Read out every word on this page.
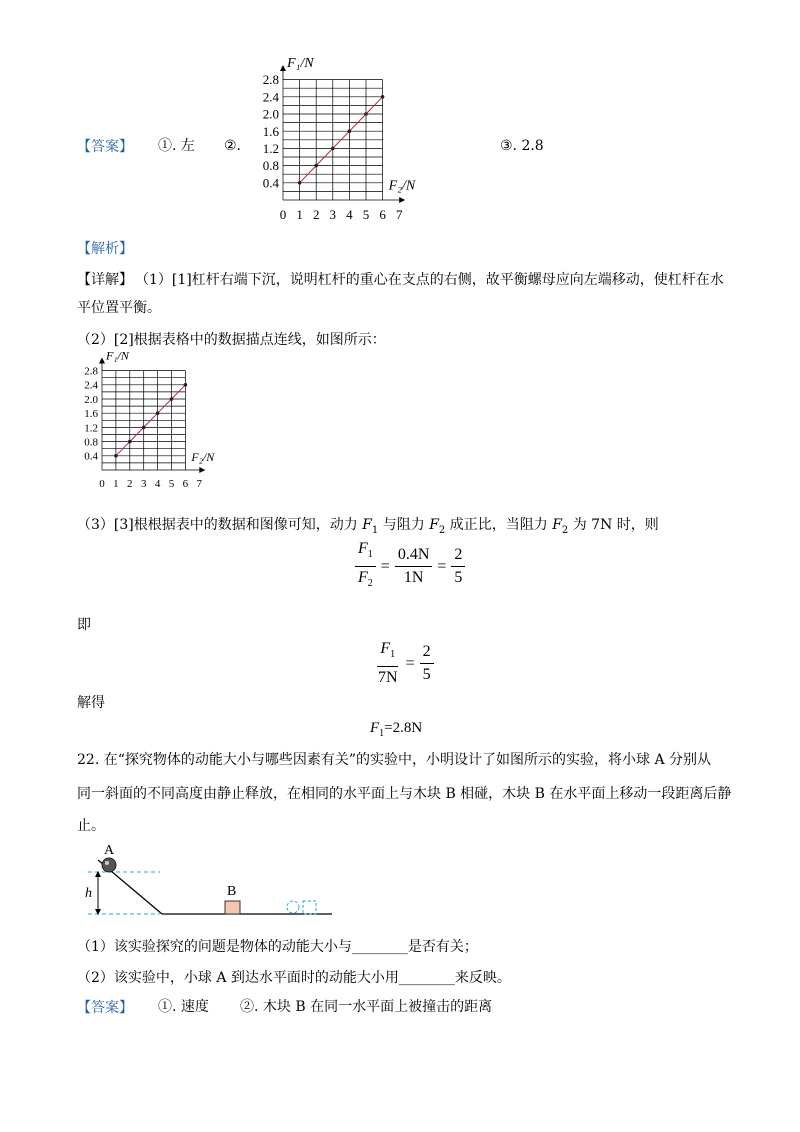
【答案】 ①. 左 ②.	③. 2.8
0 1 2 3 4 5 6 7
0.4
0.8
1.2
1.6
2.0
2.4
2.8
F₁/N
F₂/N
【解析】
【详解】 （1）[1]杠杆右端下沉，说明杠杆的重心在支点的右侧，故平衡螺母应向左端移动，使杠杆在水
平位置平衡。
（2）[2]根据表格中的数据描点连线，如图所示：
0 1 2 3 4 5 6 7
0.4
0.8
1.2
1.6
2.0
2.4
2.8
F₁/N
F₂/N
（3）[3]根根据表中的数据和图像可知，动力 $F_1$ 与阻力 $F_2$ 成正比，当阻力 $F_2$ 为 7N 时，则
$\frac{F_1}{F_2} = \frac{0.4N}{1N} = \frac{2}{5}$
即
$\frac{F_1}{7N} = \frac{2}{5}$
解得
$F_1=2.8N$
22. 在“探究物体的动能大小与哪些因素有关”的实验中，小明设计了如图所示的实验，将小球 A 分别从
同一斜面的不同高度由静止释放，在相同的水平面上与木块 B 相碰，木块 B 在水平面上移动一段距离后静
止。
h
A
B
（1）该实验探究的问题是物体的动能大小与________是否有关；
（2）该实验中，小球 A 到达水平面时的动能大小用________来反映。
【答案】 ①. 速度 ②. 木块 B 在同一水平面上被撞击的距离
